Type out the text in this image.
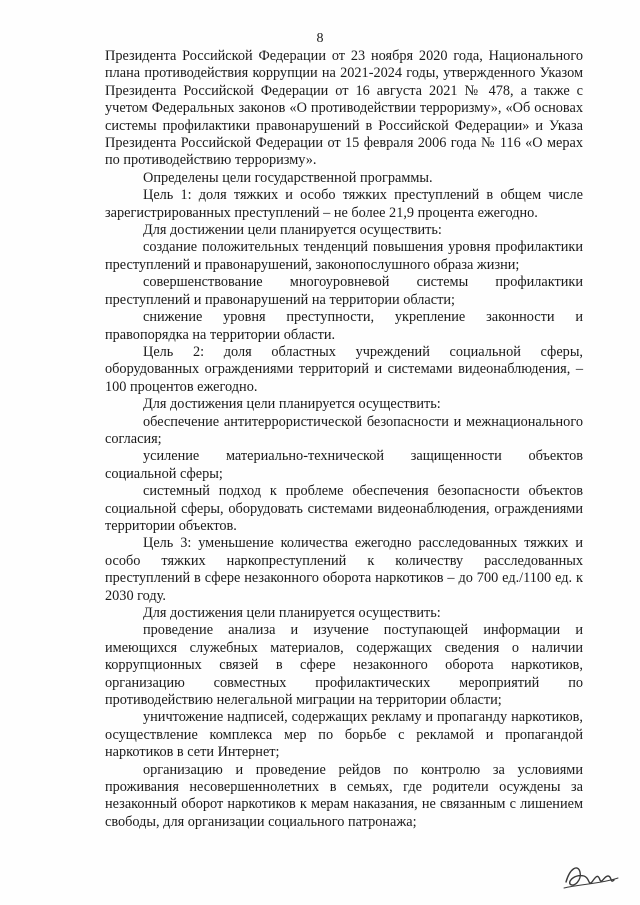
8

Президента Российской Федерации от 23 ноября 2020 года, Национального плана противодействия коррупции на 2021-2024 годы, утвержденного Указом Президента Российской Федерации от 16 августа 2021 № 478, а также с учетом Федеральных законов «О противодействии терроризму», «Об основах системы профилактики правонарушений в Российской Федерации» и Указа Президента Российской Федерации от 15 февраля 2006 года № 116 «О мерах по противодействию терроризму».

Определены цели государственной программы.

Цель 1: доля тяжких и особо тяжких преступлений в общем числе зарегистрированных преступлений – не более 21,9 процента ежегодно.

Для достижении цели планируется осуществить:

создание положительных тенденций повышения уровня профилактики преступлений и правонарушений, законопослушного образа жизни;

совершенствование многоуровневой системы профилактики преступлений и правонарушений на территории области;

снижение уровня преступности, укрепление законности и правопорядка на территории области.

Цель 2: доля областных учреждений социальной сферы, оборудованных ограждениями территорий и системами видеонаблюдения, – 100 процентов ежегодно.

Для достижения цели планируется осуществить:

обеспечение антитеррористической безопасности и межнационального согласия;

усиление материально-технической защищенности объектов социальной сферы;

системный подход к проблеме обеспечения безопасности объектов социальной сферы, оборудовать системами видеонаблюдения, ограждениями территории объектов.

Цель 3: уменьшение количества ежегодно расследованных тяжких и особо тяжких наркопреступлений к количеству расследованных преступлений в сфере незаконного оборота наркотиков – до 700 ед./1100 ед. к 2030 году.

Для достижения цели планируется осуществить:

проведение анализа и изучение поступающей информации и имеющихся служебных материалов, содержащих сведения о наличии коррупционных связей в сфере незаконного оборота наркотиков, организацию совместных профилактических мероприятий по противодействию нелегальной миграции на территории области;

уничтожение надписей, содержащих рекламу и пропаганду наркотиков, осуществление комплекса мер по борьбе с рекламой и пропагандой наркотиков в сети Интернет;

организацию и проведение рейдов по контролю за условиями проживания несовершеннолетних в семьях, где родители осуждены за незаконный оборот наркотиков к мерам наказания, не связанным с лишением свободы, для организации социального патронажа;
